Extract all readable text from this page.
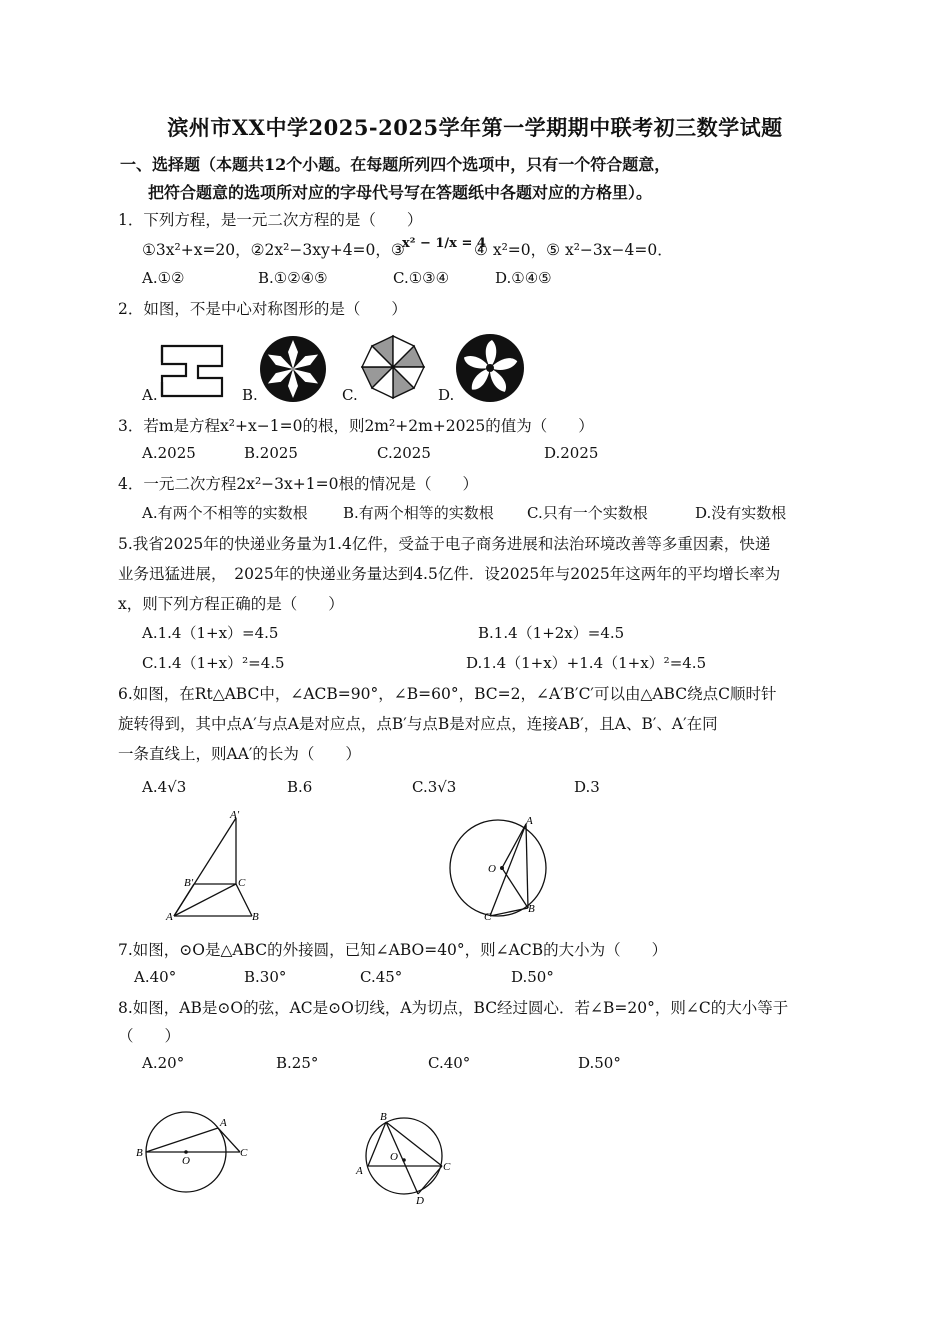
滨州市XX中学2025-2025学年第一学期期中联考初三数学试题
一、选择题（本题共12个小题。在每题所列四个选项中，只有一个符合题意，
把符合题意的选项所对应的字母代号写在答题纸中各题对应的方格里）。
1．下列方程，是一元二次方程的是（　　）
①3x²+x=20，②2x²−3xy+4=0，③
x² − 1/x = 4
④ x²=0，⑤ x²−3x−4=0．
A.①②	B.①②④⑤	C.①③④	D.①④⑤
2．如图，不是中心对称图形的是（　　）
A.	B.	C.	D.
3．若m是方程x²+x−1=0的根，则2m²+2m+2025的值为（　　）
A.2025	B.2025	C.2025	D.2025
4．一元二次方程2x²−3x+1=0根的情况是（　　）
A.有两个不相等的实数根 B.有两个相等的实数根 C.只有一个实数根	D.没有实数根
5.我省2025年的快递业务量为1.4亿件，受益于电子商务进展和法治环境改善等多重因素，快递
业务迅猛进展，　2025年的快递业务量达到4.5亿件．设2025年与2025年这两年的平均增长率为
x，则下列方程正确的是（　　）
A.1.4（1+x）=4.5	B.1.4（1+2x）=4.5
C.1.4（1+x）²=4.5	D.1.4（1+x）+1.4（1+x）²=4.5
6.如图，在Rt△ABC中，∠ACB=90°，∠B=60°，BC=2，∠A′B′C′可以由△ABC绕点C顺时针
旋转得到，其中点A′与点A是对应点，点B′与点B是对应点，连接AB′，且A、B′、A′在同
一条直线上，则AA′的长为（　　）
A.4√3	B.6	C.3√3	D.3
A′
B′	C
A	B
A
O
C
B
7.如图，⊙O是△ABC的外接圆，已知∠ABO=40°，则∠ACB的大小为（　　）
A.40°	B.30°	C.45°	D.50°
8.如图，AB是⊙O的弦，AC是⊙O切线，A为切点，BC经过圆心．若∠B=20°，则∠C的大小等于
（　　）
A.20°	B.25°	C.40°	D.50°
A
B
O
C
B
O
A	C
D
